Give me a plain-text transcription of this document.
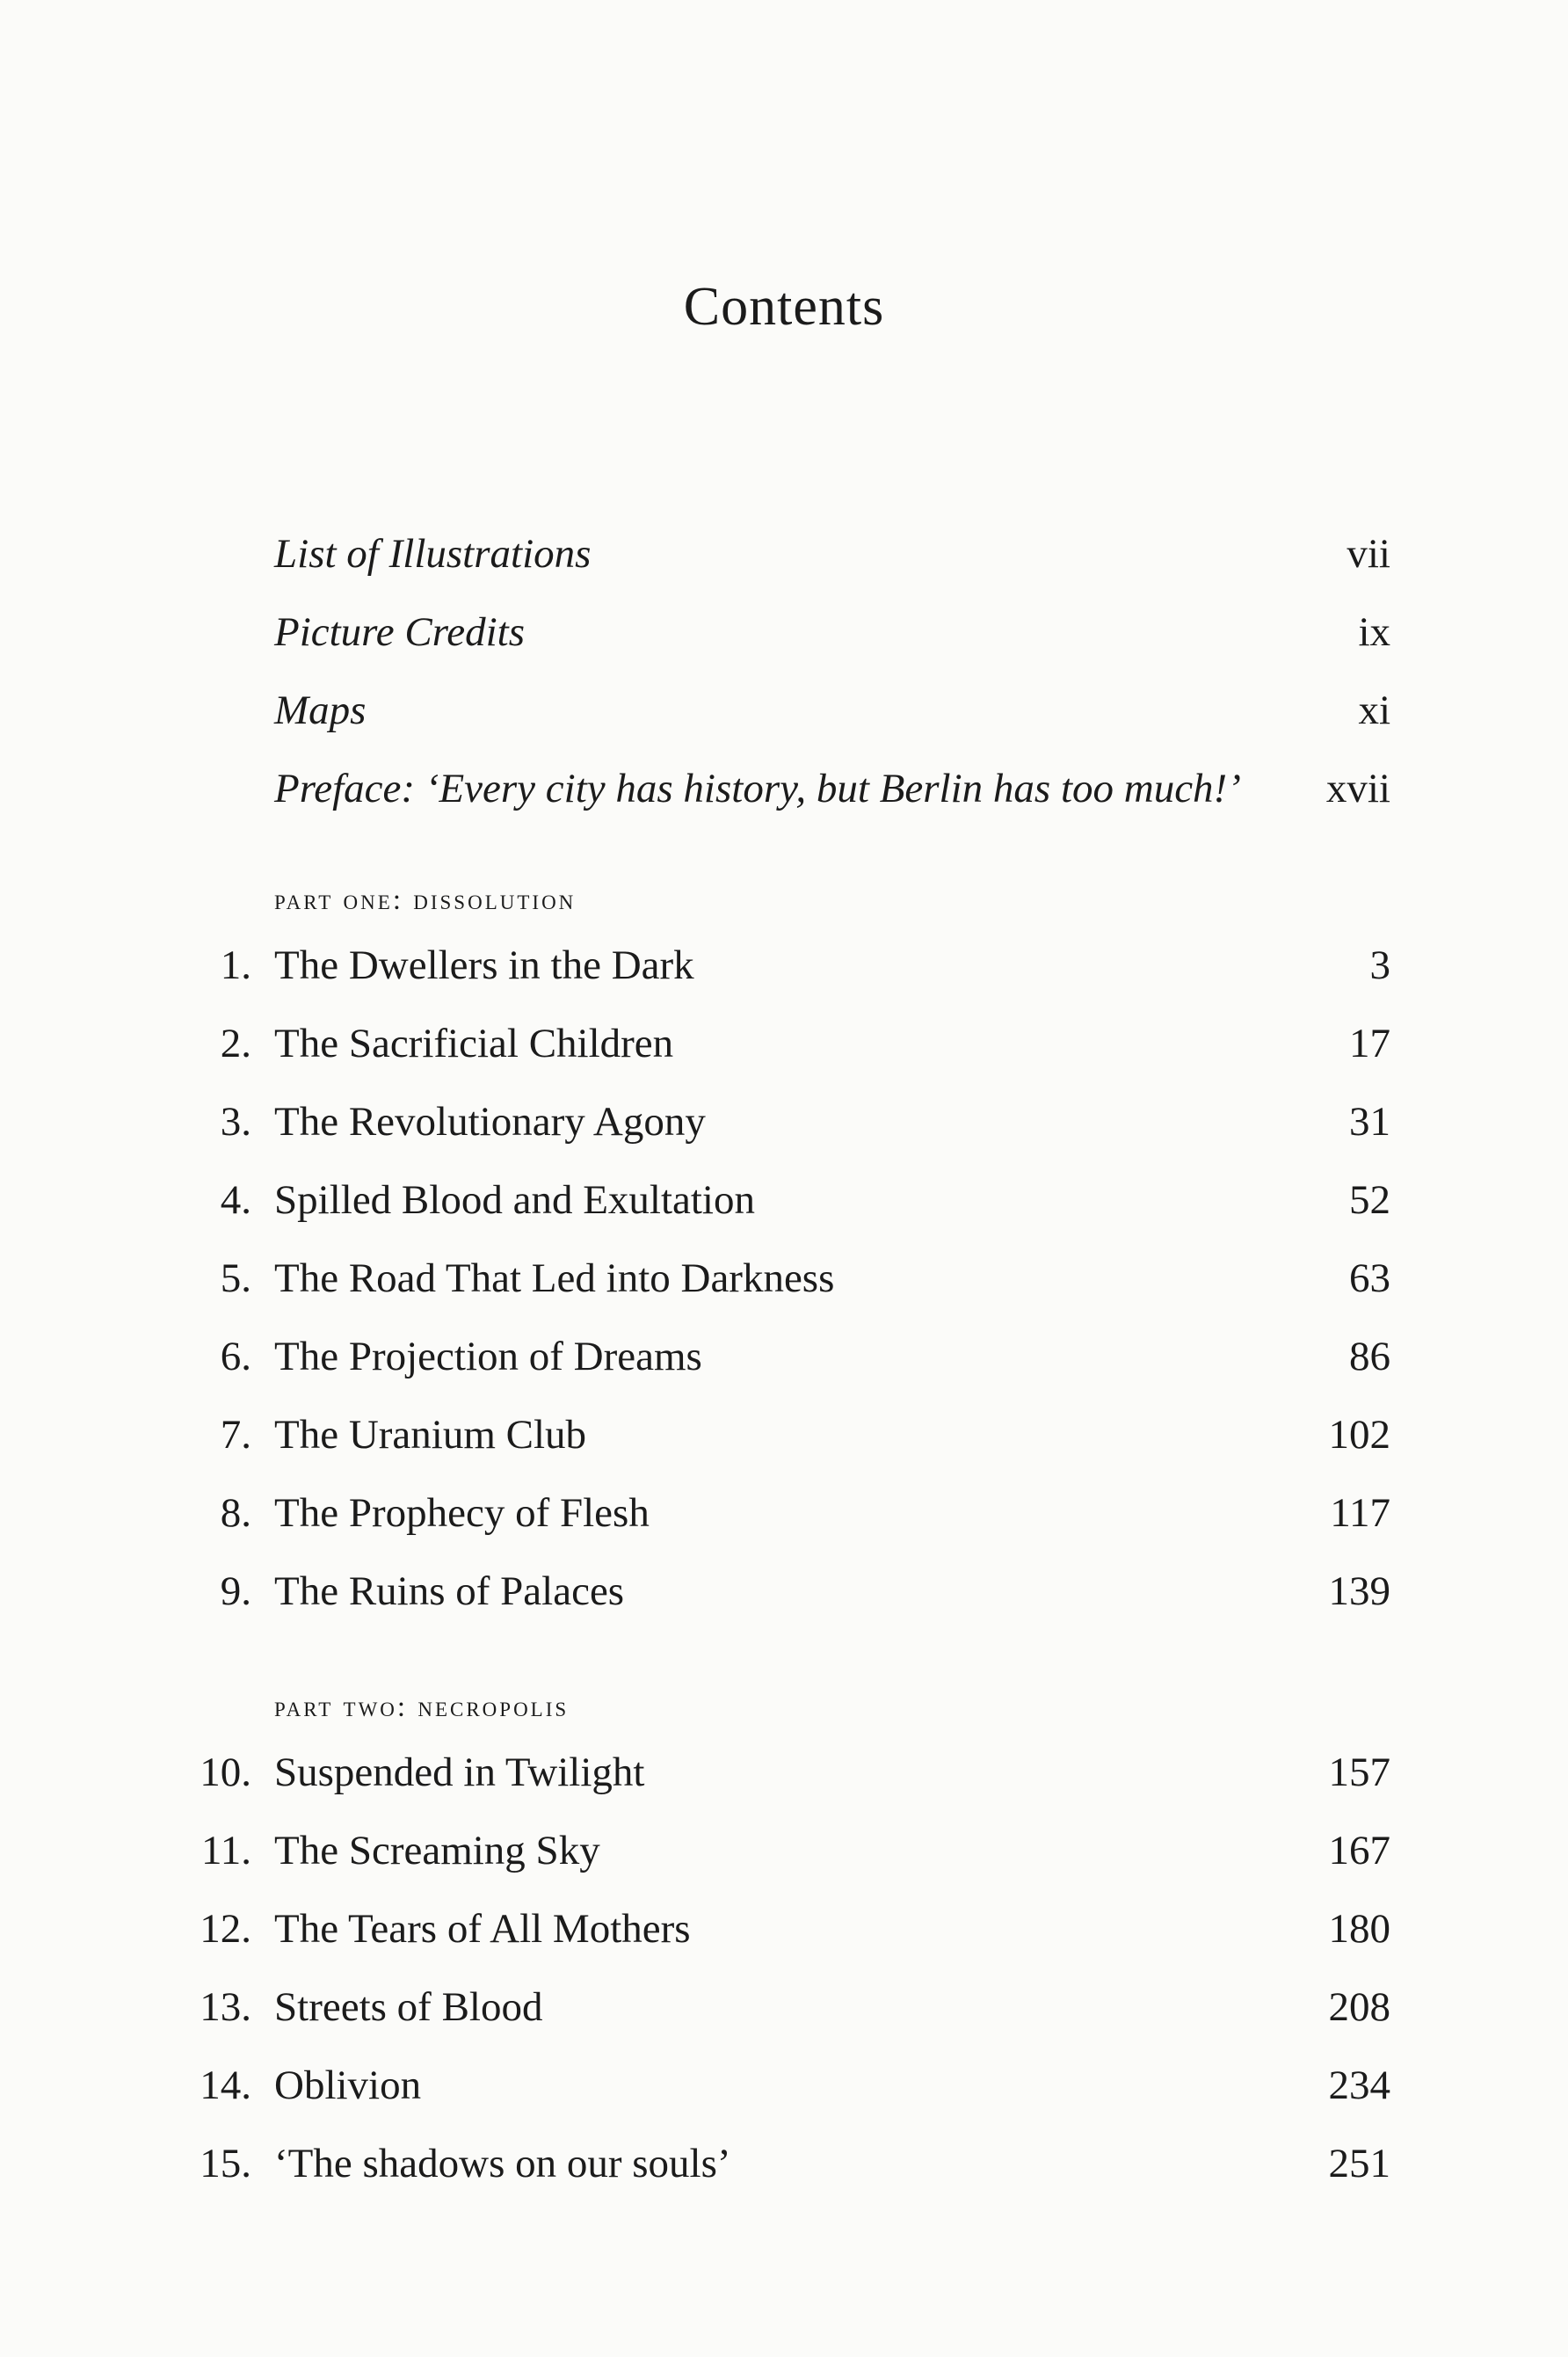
Contents
List of Illustrations	vii
Picture Credits	ix
Maps	xi
Preface: ‘Every city has history, but Berlin has too much!’ xvii
part one: dissolution
1. The Dwellers in the Dark	3
2. The Sacrificial Children	17
3. The Revolutionary Agony	31
4. Spilled Blood and Exultation	52
5. The Road That Led into Darkness	63
6. The Projection of Dreams	86
7. The Uranium Club	102
8. The Prophecy of Flesh	117
9. The Ruins of Palaces	139
part two: necropolis
10. Suspended in Twilight	157
11. The Screaming Sky	167
12. The Tears of All Mothers	180
13. Streets of Blood	208
14. Oblivion	234
15. ‘The shadows on our souls’	251
